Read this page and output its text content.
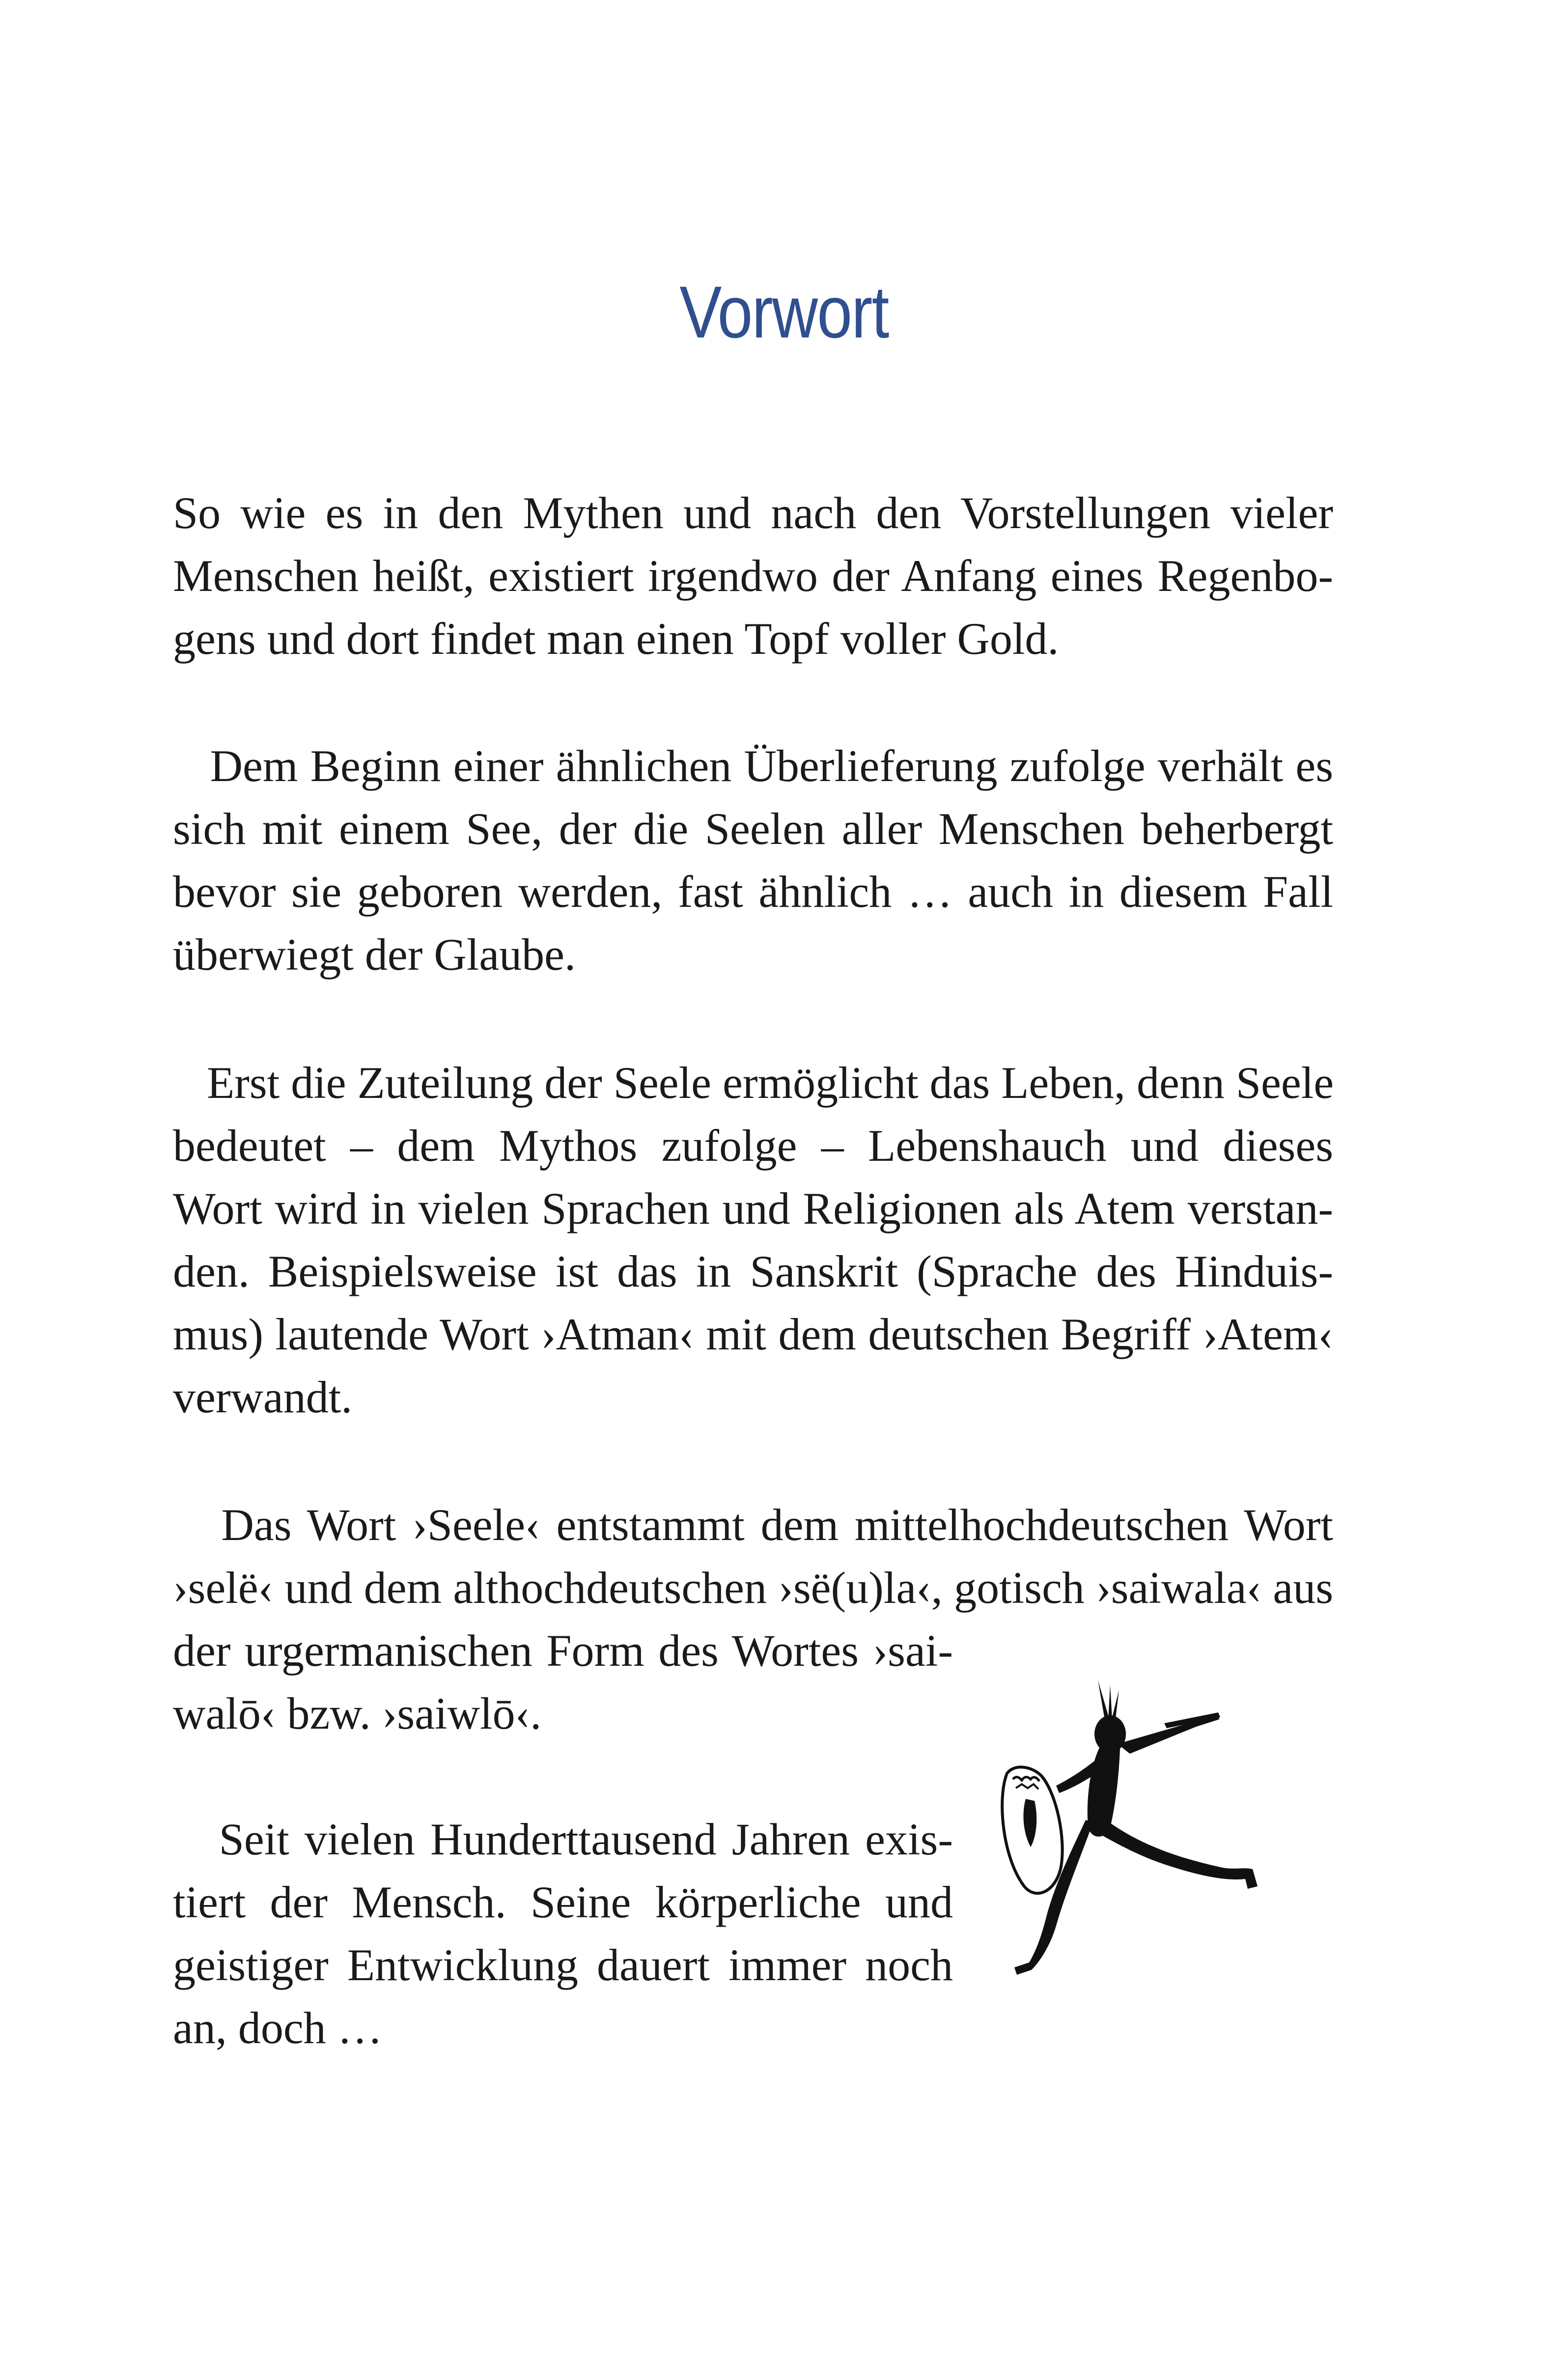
Vorwort
So wie es in den Mythen und nach den Vorstellungen vieler
Menschen heißt, existiert irgendwo der Anfang eines Regenbo-
gens und dort findet man einen Topf voller Gold.
Dem Beginn einer ähnlichen Überlieferung zufolge verhält es
sich mit einem See, der die Seelen aller Menschen beherbergt
bevor sie geboren werden, fast ähnlich … auch in diesem Fall
überwiegt der Glaube.
Erst die Zuteilung der Seele ermöglicht das Leben, denn Seele
bedeutet – dem Mythos zufolge – Lebenshauch und dieses
Wort wird in vielen Sprachen und Religionen als Atem verstan-
den. Beispielsweise ist das in Sanskrit (Sprache des Hinduis-
mus) lautende Wort ›Atman‹ mit dem deutschen Begriff ›Atem‹
verwandt.
Das Wort ›Seele‹ entstammt dem mittelhochdeutschen Wort
›selë‹ und dem althochdeutschen ›së(u)la‹, gotisch ›saiwala‹ aus
der urgermanischen Form des Wortes ›sai-
walō‹ bzw. ›saiwlō‹.
Seit vielen Hunderttausend Jahren exis-
tiert der Mensch. Seine körperliche und
geistiger Entwicklung dauert immer noch
an, doch …
